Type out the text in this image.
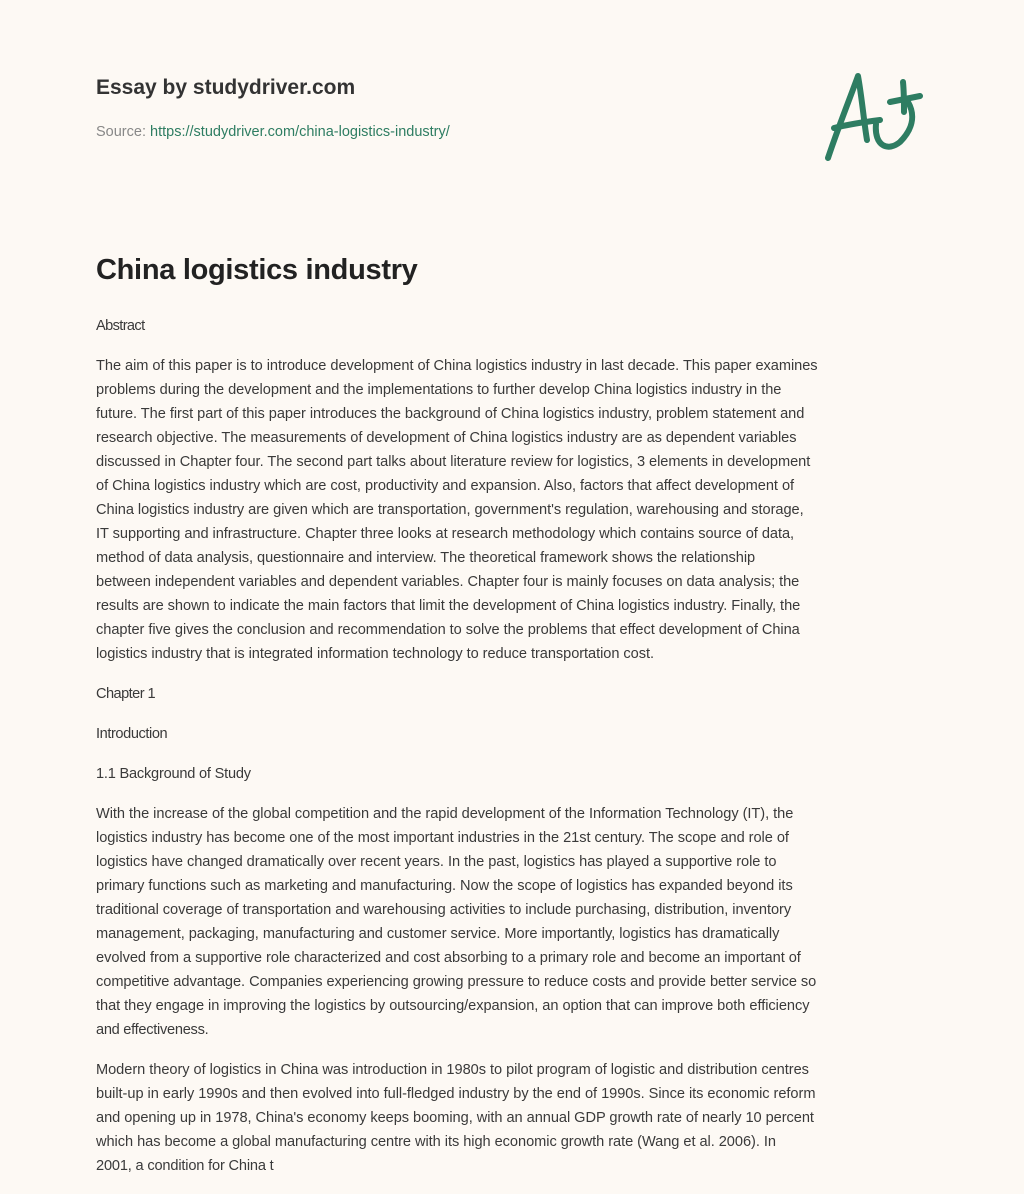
Essay by studydriver.com
Source: https://studydriver.com/china-logistics-industry/
China logistics industry

Abstract

The aim of this paper is to introduce development of China logistics industry in last decade. This paper examines
problems during the development and the implementations to further develop China logistics industry in the
future. The first part of this paper introduces the background of China logistics industry, problem statement and
research objective. The measurements of development of China logistics industry are as dependent variables
discussed in Chapter four. The second part talks about literature review for logistics, 3 elements in development
of China logistics industry which are cost, productivity and expansion. Also, factors that affect development of
China logistics industry are given which are transportation, government's regulation, warehousing and storage,
IT supporting and infrastructure. Chapter three looks at research methodology which contains source of data,
method of data analysis, questionnaire and interview. The theoretical framework shows the relationship
between independent variables and dependent variables. Chapter four is mainly focuses on data analysis; the
results are shown to indicate the main factors that limit the development of China logistics industry. Finally, the
chapter five gives the conclusion and recommendation to solve the problems that effect development of China
logistics industry that is integrated information technology to reduce transportation cost.

Chapter 1

Introduction

1.1 Background of Study

With the increase of the global competition and the rapid development of the Information Technology (IT), the
logistics industry has become one of the most important industries in the 21st century. The scope and role of
logistics have changed dramatically over recent years. In the past, logistics has played a supportive role to
primary functions such as marketing and manufacturing. Now the scope of logistics has expanded beyond its
traditional coverage of transportation and warehousing activities to include purchasing, distribution, inventory
management, packaging, manufacturing and customer service. More importantly, logistics has dramatically
evolved from a supportive role characterized and cost absorbing to a primary role and become an important of
competitive advantage. Companies experiencing growing pressure to reduce costs and provide better service so
that they engage in improving the logistics by outsourcing/expansion, an option that can improve both efficiency
and effectiveness.

Modern theory of logistics in China was introduction in 1980s to pilot program of logistic and distribution centres
built-up in early 1990s and then evolved into full-fledged industry by the end of 1990s. Since its economic reform
and opening up in 1978, China's economy keeps booming, with an annual GDP growth rate of nearly 10 percent
which has become a global manufacturing centre with its high economic growth rate (Wang et al. 2006). In
2001, a condition for China t
